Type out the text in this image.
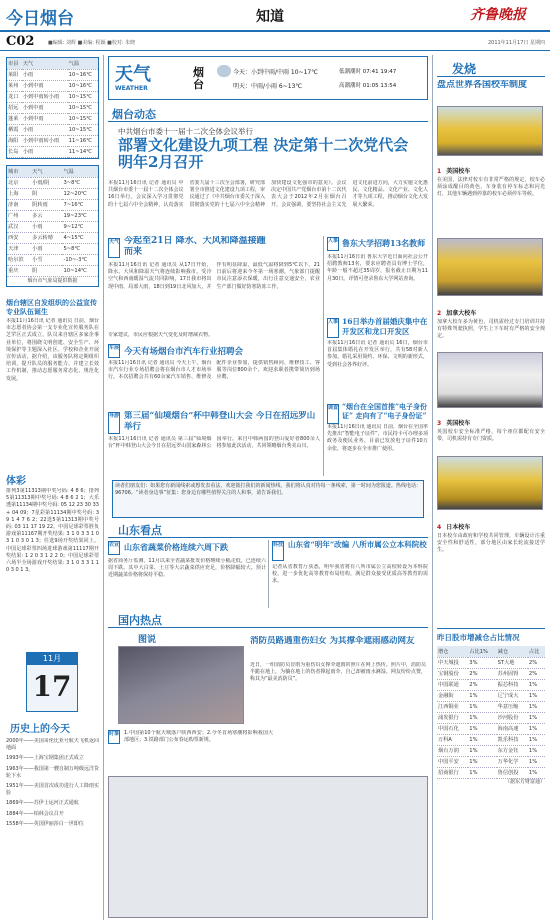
今日烟台	知道	齐鲁晚报
C02	■编辑: 刘辉 ■美编: 程颖 ■校对: 朱晓	2011年11月17日 星期四
市县	天气	气温
莱阳	小雨	10~16℃
莱州	小到中雨	10~16℃
龙口	小到中雨转小雨	10~15℃
招远	小到中雨	10~15℃
蓬莱	小到中雨	10~15℃
栖霞	小雨	10~15℃
海阳	小到中雨转小雨	11~16℃
长岛	小雨	11~14℃
城市	天气	气温
北京	小雨/阴	3~8℃
上海	阴	12~20℃
济南	阴转雨	7~16℃
广州	多云	19~23℃
武汉	小雨	9~12℃
西安	多云转晴	4~15℃
天津	小雨	5~8℃
哈尔滨	小雪	-10~-3℃
重庆	阴	10~14℃
烟台市气象局提供数据
烟台辖区自发组织的公益宣传专业队伍诞生
本报11月16日讯 记者 通讯员 日前，烟台市志愿者协会第一支专业化宣传服务队在芝罘区正式成立，队员来自辖区多家企事业单位，将围绕文明创建、安全生产、环境保护等主题深入社区、学校和企业开展宣传活动。据介绍，该服务队将定期组织培训，提升队员的服务能力，并建立长效工作机制，推动志愿服务常态化、规范化发展。
体彩
排列3第11313期中奖号码: 4 8 6；排列5第11313期中奖号码: 4 8 6 2 1；大乐透第11134期中奖号码: 05 12 23 30 33 + 04 09；7星彩第11134期中奖号码: 3 9 1 4 7 6 2；22选5第11313期中奖号码: 03 11 17 19 22。中国足球彩票胜负游戏第11167期开奖结果: 3 1 0 3 3 1 0 3 1 0 3 0 1 3；任选9场开奖结果同上。中国足球彩票四场进球游戏第11117期开奖结果: 1 2 0 3 1 2 2 0；中国足球彩票六场半全场游戏开奖结果: 3 1 0 3 3 1 1 0 3 0 1 3。
11月
17
历史上的今天
2000年——美国哥伦比亚号航天飞机返回地面
1993年——上海宝钢集团正式成立
1963年——我国第一艘自制万吨级远洋货轮下水
1951年——美国首次成功进行人工降雨实验
1869年——苏伊士运河正式通航
1884年——柏林会议召开
1558年——英国伊丽莎白一世即位
天气
WEATHER
烟台
今天：小到中雨/中雨 10~17℃
明天：中雨/小雨 6~13℃
低潮潮时 07:41 19:47
高潮潮时 01:05 13:54
烟台动态
中共烟台市委十一届十二次全体会议举行
部署文化建设九项工程 决定第十二次党代会明年2月召开
本报11月16日讯 记者 通讯员 中共烟台市委十一届十二次全体会议16日举行。会议深入学习贯彻党的十七届六中全会精神，认真落实省委九届十三次全会部署，研究部署全市推进文化建设九项工程，审议通过了《中共烟台市委关于深入贯彻落实党的十七届六中全会精神加快建设文化强市的意见》。会议决定中国共产党烟台市第十二次代表大会于2012年2月在烟台召开。会议强调，要坚持社会主义先进文化前进方向，大力实施文化惠民、文化精品、文化产业、文化人才等九项工程，推动烟台文化大发展大繁荣。
天气 今起至21日 降水、大风和降温接踵而来
本报11月16日讯 记者 通讯员 从17日开始，降水、大风和降温天气将连续影响我市。受冷空气和西南暖湿气流共同影响，17日我市将出现中雨、局部大雨，18日到19日北风加大，并伴有明显降温，最低气温将降到5℃以下。21日前后将迎来今冬第一场寒潮。气象部门提醒市民注意添衣保暖，出行注意交通安全，农业生产部门做好防寒防冻工作。
专家建议，市民应根据天气变化及时增减衣物。
车展 今天有场烟台市汽车行业招聘会
本报11月16日讯 记者 通讯员 今天上午，烟台市汽车行业专场招聘会将在烟台市人才市场举行。本次招聘会共有60余家汽车销售、维修及配件企业参加，提供销售顾问、维修技工、客服等岗位800余个，欢迎求职者携带简历到场应聘。
导游 第三届“仙境烟台”杯中韩登山大会 今日在招远罗山举行
本报11月16日讯 记者 通讯员 第三届“仙境烟台”杯中韩登山大会今日在招远罗山国家森林公园举行。来自中韩两国的登山爱好者800余人将参加此次活动，共同领略烟台秀美山川。
人事 鲁东大学招聘13名教师
本报11月16日讯 鲁东大学近日面向社会公开招聘教师13名，要求应聘者具有博士学位，年龄一般不超过35周岁，报名截止日期为11月30日。详情可登录鲁东大学网站查询。
人事 16日举办首届婚庆集中在开发区和龙口开发区
本报11月16日讯 记者 通讯员 16日，烟台市首届集体婚礼在开发区举行，共有58对新人参加。婚礼采用简约、环保、文明的新形式，受到社会各界好评。
调查 “烟台在全国首推”电子身份证” 走向有了“电子身份证”
本报11月16日讯 通讯员 日前，烟台在全国率先推出“智能电子证件”，市民持卡可办理多项政务及便民业务。目前已发放电子证件10万余张，将逐步在全市推广使用。
读者们朋友们：如果您有新闻线索或想发表看法，欢迎拨打我们的新闻热线，我们将认真对待每一条线索，第一时间为您报道。热线电话：96706。“读者身边事”征集：您身边有哪些值得关注的人和事，请告诉我们。
山东看点
农业 山东省蔬菜价格连续六周下跌
据省商务厅监测，11月以来全省蔬菜批发价格继续小幅走低，已连续六周下跌。其中大白菜、土豆等大宗蔬菜供应充足，价格降幅较大。预计近期蔬菜价格将保持平稳。
科技 山东省“明年”改编 八所市属公立本科院校
记者从省教育厅获悉，明年我省将有八所市属公立高校转设为本科院校，进一步优化高等教育布局结构，满足群众接受优质高等教育的需求。
国内热点
图说	消防员路遇重伤妇女 为其撑伞遮雨感动网友
近日，一组消防员冒雨为重伤妇女撑伞遮雨的照片在网上热传。照片中，消防员半跪在地上，为躺在地上的伤者撑起雨伞，自己却被雨水淋湿。网友纷纷点赞，称其为“最美消防员”。
时事 1.中国第10个航天城落户陕西西安；2.今冬首场寒潮将影响我国大部地区；3.铁路部门公布春运购票新规。
发烧
盘点世界各国校车制度
1 美国校车
在美国，法律对校车有非常严格的规定，校车必须涂成醒目的黄色，车身装有停车标志和闪光灯，其他车辆遇到停靠的校车必须停车等候。
2 加拿大校车
加拿大校车多为黄色，司机需经过专门培训并持有特殊驾驶执照，学生上下车时有严格的安全规定。
3 英国校车
英国校车安全标准严格，每个座位都配有安全带，司机需持有专门资质。
4 日本校车
日本校车由政府和学校共同管理，车辆设计注重安全性和舒适性，部分地区由家长轮流接送学生。
昨日股市增减仓占比情况
增仓	占比1%	减仓	占比
中天城投	3%	ST大地	2%
宝钢股份	2%	苏州固锝	2%
中国联通	2%	振芯科技	1%
金融街	1%	辽宁成大	1%
江西铜业	1%	华意压缩	1%
浦发银行	1%	沙河股份	1%
中国石化	1%	海南高速	1%
万科A	1%	凯乐科技	1%
烟台万润	1%	东方金钰	1%
中国平安	1%	万华化学	1%
招商银行	1%	鲁信创投	1%
（据东方财富通）
